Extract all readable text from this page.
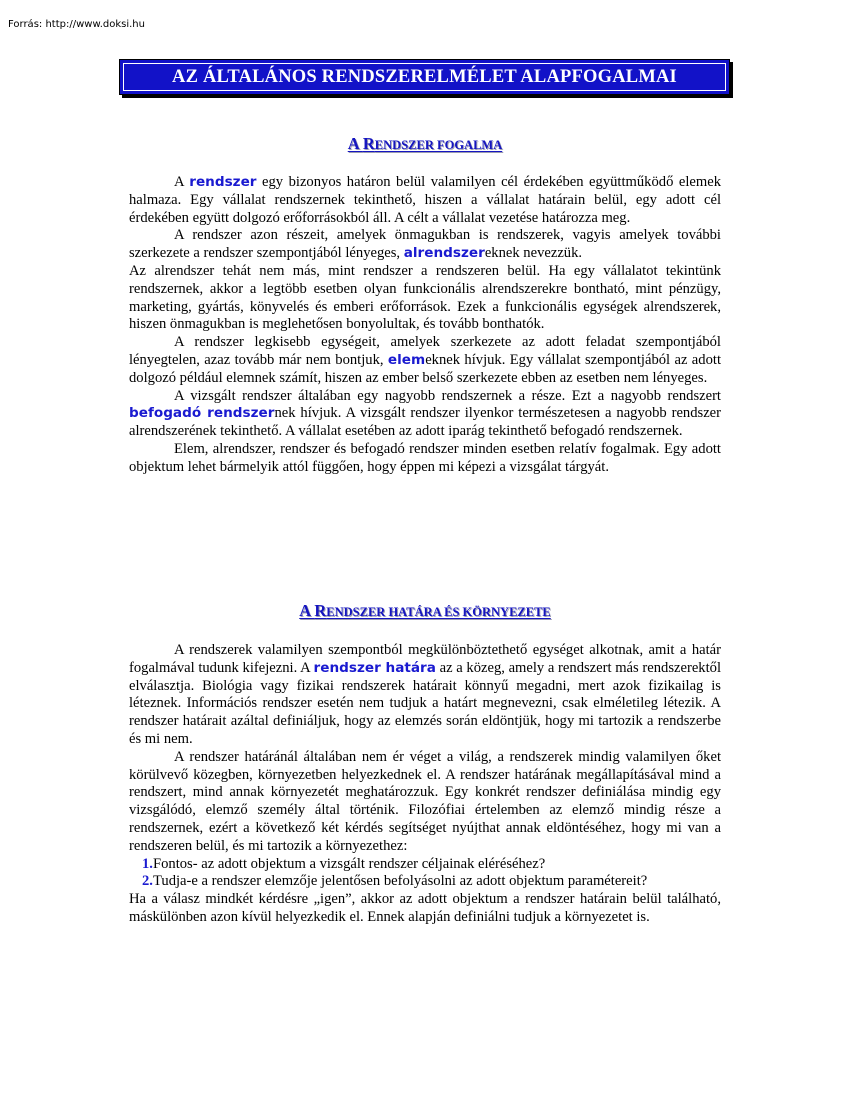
Forrás: http://www.doksi.hu
AZ ÁLTALÁNOS RENDSZERELMÉLET ALAPFOGALMAI
A RENDSZER FOGALMA

A rendszer egy bizonyos határon belül valamilyen cél érdekében együttműködő elemek halmaza. Egy vállalat rendszernek tekinthető, hiszen a vállalat határain belül, egy adott cél érdekében együtt dolgozó erőforrásokból áll. A célt a vállalat vezetése határozza meg.

A rendszer azon részeit, amelyek önmagukban is rendszerek, vagyis amelyek további szerkezete a rendszer szempontjából lényeges, alrendszereknek nevezzük.

Az alrendszer tehát nem más, mint rendszer a rendszeren belül. Ha egy vállalatot tekintünk rendszernek, akkor a legtöbb esetben olyan funkcionális alrendszerekre bontható, mint pénzügy, marketing, gyártás, könyvelés és emberi erőforrások. Ezek a funkcionális egységek alrendszerek, hiszen önmagukban is meglehetősen bonyolultak, és tovább bonthatók.

A rendszer legkisebb egységeit, amelyek szerkezete az adott feladat szempontjából lényegtelen, azaz tovább már nem bontjuk, elemeknek hívjuk. Egy vállalat szempontjából az adott dolgozó például elemnek számít, hiszen az ember belső szerkezete ebben az esetben nem lényeges.

A vizsgált rendszer általában egy nagyobb rendszernek a része. Ezt a nagyobb rendszert befogadó rendszernek hívjuk. A vizsgált rendszer ilyenkor természetesen a nagyobb rendszer alrendszerének tekinthető. A vállalat esetében az adott iparág tekinthető befogadó rendszernek.

Elem, alrendszer, rendszer és befogadó rendszer minden esetben relatív fogalmak. Egy adott objektum lehet bármelyik attól függően, hogy éppen mi képezi a vizsgálat tárgyát.

A RENDSZER HATÁRA ÉS KÖRNYEZETE

A rendszerek valamilyen szempontból megkülönböztethető egységet alkotnak, amit a határ fogalmával tudunk kifejezni. A rendszer határa az a közeg, amely a rendszert más rendszerektől elválasztja. Biológia vagy fizikai rendszerek határait könnyű megadni, mert azok fizikailag is léteznek. Információs rendszer esetén nem tudjuk a határt megnevezni, csak elméletileg létezik. A rendszer határait azáltal definiáljuk, hogy az elemzés során eldöntjük, hogy mi tartozik a rendszerbe és mi nem.

A rendszer határánál általában nem ér véget a világ, a rendszerek mindig valamilyen őket körülvevő közegben, környezetben helyezkednek el. A rendszer határának megállapításával mind a rendszert, mind annak környezetét meghatározzuk. Egy konkrét rendszer definiálása mindig egy vizsgálódó, elemző személy által történik. Filozófiai értelemben az elemző mindig része a rendszernek, ezért a következő két kérdés segítséget nyújthat annak eldöntéséhez, hogy mi van a rendszeren belül, és mi tartozik a környezethez:

1. Fontos- az adott objektum a vizsgált rendszer céljainak eléréséhez?
2. Tudja-e a rendszer elemzője jelentősen befolyásolni az adott objektum paramétereit?

Ha a válasz mindkét kérdésre „igen”, akkor az adott objektum a rendszer határain belül található, máskülönben azon kívül helyezkedik el. Ennek alapján definiálni tudjuk a környezetet is.
